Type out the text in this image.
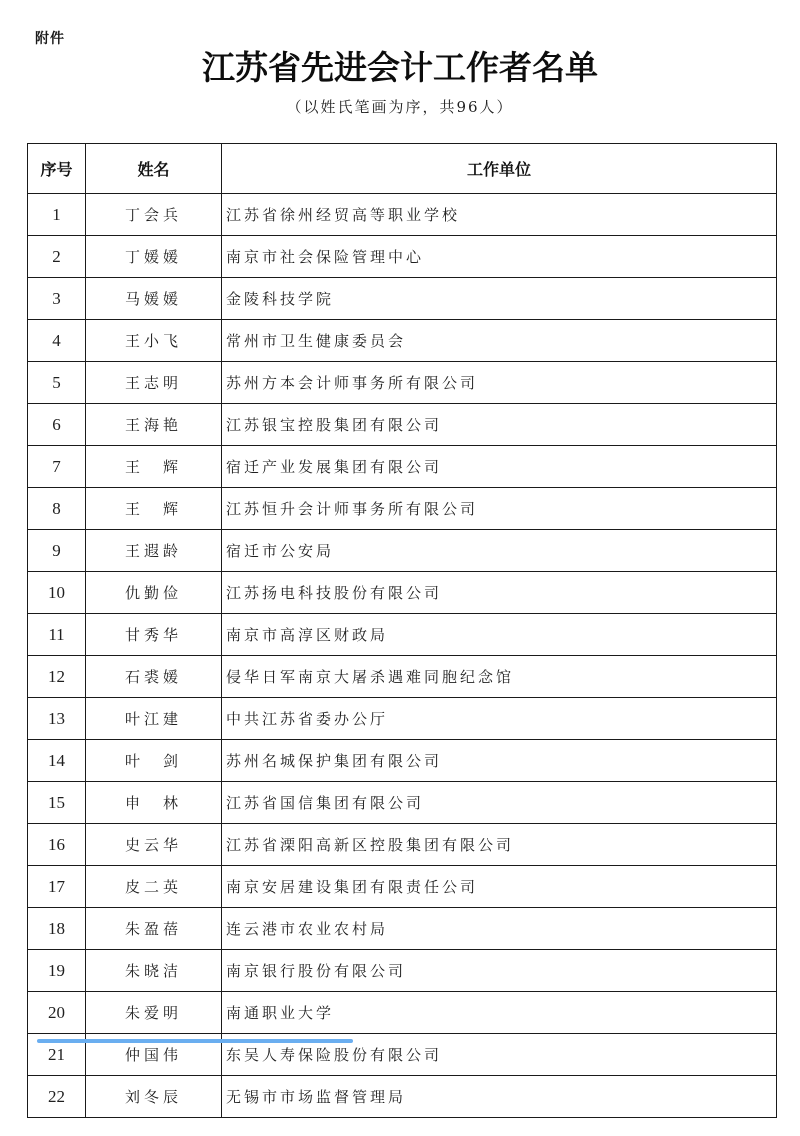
附件
江苏省先进会计工作者名单
（以姓氏笔画为序，共96人）
序号	姓名	工作单位
1	丁会兵	江苏省徐州经贸高等职业学校
2	丁媛媛	南京市社会保险管理中心
3	马媛媛	金陵科技学院
4	王小飞	常州市卫生健康委员会
5	王志明	苏州方本会计师事务所有限公司
6	王海艳	江苏银宝控股集团有限公司
7	王　辉	宿迁产业发展集团有限公司
8	王　辉	江苏恒升会计师事务所有限公司
9	王遐龄	宿迁市公安局
10	仇勤俭	江苏扬电科技股份有限公司
11	甘秀华	南京市高淳区财政局
12	石裘媛	侵华日军南京大屠杀遇难同胞纪念馆
13	叶江建	中共江苏省委办公厅
14	叶　剑	苏州名城保护集团有限公司
15	申　林	江苏省国信集团有限公司
16	史云华	江苏省溧阳高新区控股集团有限公司
17	皮二英	南京安居建设集团有限责任公司
18	朱盈蓓	连云港市农业农村局
19	朱晓洁	南京银行股份有限公司
20	朱爱明	南通职业大学
21	仲国伟	东吴人寿保险股份有限公司
22	刘冬辰	无锡市市场监督管理局
